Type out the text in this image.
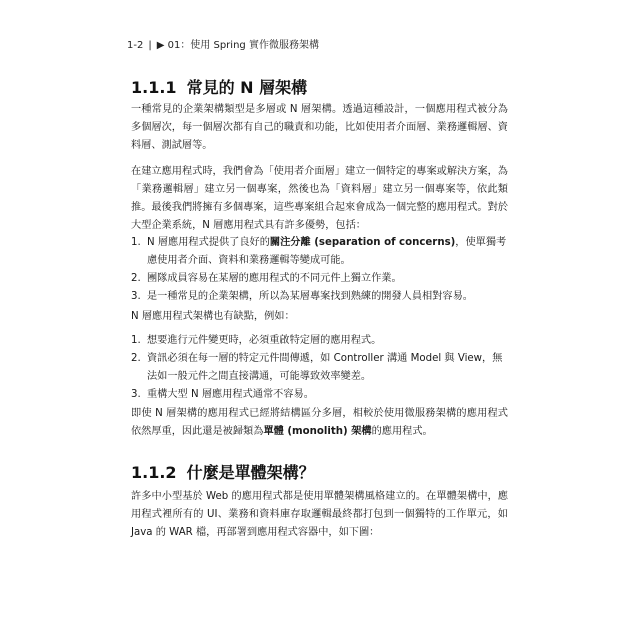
1-2 | ▶ 01：使用 Spring 實作微服務架構
1.1.1 常見的 N 層架構

一種常見的企業架構類型是多層或 N 層架構。透過這種設計，一個應用程式被分為多個層次，每一個層次都有自己的職責和功能，比如使用者介面層、業務邏輯層、資料層、測試層等。

在建立應用程式時，我們會為「使用者介面層」建立一個特定的專案或解決方案，為「業務邏輯層」建立另一個專案，然後也為「資料層」建立另一個專案等，依此類推。最後我們將擁有多個專案，這些專案組合起來會成為一個完整的應用程式。對於大型企業系統，N 層應用程式具有許多優勢，包括：

1. N 層應用程式提供了良好的關注分離 (separation of concerns)，使單獨考慮使用者介面、資料和業務邏輯等變成可能。
2. 團隊成員容易在某層的應用程式的不同元件上獨立作業。
3. 是一種常見的企業架構，所以為某層專案找到熟練的開發人員相對容易。

N 層應用程式架構也有缺點，例如：

1. 想要進行元件變更時，必須重啟特定層的應用程式。
2. 資訊必須在每一層的特定元件間傳遞，如 Controller 溝通 Model 與 View，無法如一般元件之間直接溝通，可能導致效率變差。
3. 重構大型 N 層應用程式通常不容易。

即使 N 層架構的應用程式已經將結構區分多層，相較於使用微服務架構的應用程式依然厚重，因此還是被歸類為單體 (monolith) 架構的應用程式。

1.1.2 什麼是單體架構？

許多中小型基於 Web 的應用程式都是使用單體架構風格建立的。在單體架構中，應用程式裡所有的 UI、業務和資料庫存取邏輯最終都打包到一個獨特的工作單元，如 Java 的 WAR 檔，再部署到應用程式容器中，如下圖：
